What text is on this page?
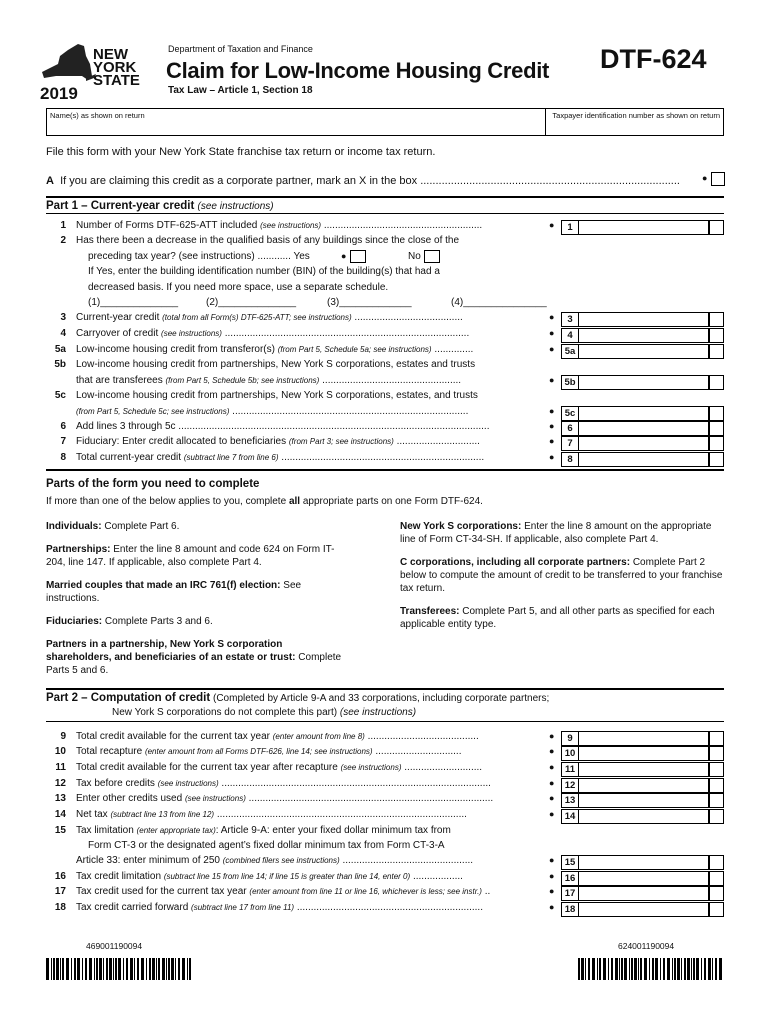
NEW YORK STATE
2019
Department of Taxation and Finance
Claim for Low-Income Housing Credit
Tax Law – Article 1, Section 18
DTF-624
Name(s) as shown on return	Taxpayer identification number as shown on return
File this form with your New York State franchise tax return or income tax return.
A If you are claiming this credit as a corporate partner, mark an X in the box .....................................................................................	●
Part 1 – Current-year credit (see instructions)
1 Number of Forms DTF-625-ATT included (see instructions) .........................................................	●	1
2 Has there been a decrease in the qualified basis of any buildings since the close of the
3 Current-year credit (total from all Form(s) DTF-625-ATT; see instructions) .......................................	●	3
4 Carryover of credit (see instructions) ........................................................................................	●	4
5a Low-income housing credit from transferor(s) (from Part 5, Schedule 5a; see instructions) ..............	●	5a
5b Low-income housing credit from partnerships, New York S corporations, estates and trusts
that are transferees (from Part 5, Schedule 5b; see instructions) ..................................................	●	5b
5c Low-income housing credit from partnerships, New York S corporations, estates, and trusts
(from Part 5, Schedule 5c; see instructions) .....................................................................................	●	5c
6 Add lines 3 through 5c ................................................................................................................	●	6
7 Fiduciary: Enter credit allocated to beneficiaries (from Part 3; see instructions) ..............................	●	7
8 Total current-year credit (subtract line 7 from line 6) .........................................................................	●	8
preceding tax year? (see instructions) ............ Yes	●	No
If Yes, enter the building identification number (BIN) of the building(s) that had a
decreased basis. If you need more space, use a separate schedule.
(1)______________	(2)______________	(3)_____________	(4)_______________
Parts of the form you need to complete
If more than one of the below applies to you, complete all appropriate parts on one Form DTF-624.
Individuals: Complete Part 6.
Partnerships: Enter the line 8 amount and code 624 on Form IT-204, line 147. If applicable, also complete Part 4.
Married couples that made an IRC 761(f) election: See instructions.
Fiduciaries: Complete Parts 3 and 6.
Partners in a partnership, New York S corporation shareholders, and beneficiaries of an estate or trust: Complete Parts 5 and 6.
New York S corporations: Enter the line 8 amount on the appropriate line of Form CT-34-SH. If applicable, also complete Part 4.
C corporations, including all corporate partners: Complete Part 2 below to compute the amount of credit to be transferred to your franchise tax return.
Transferees: Complete Part 5, and all other parts as specified for each applicable entity type.
Part 2 – Computation of credit (Completed by Article 9-A and 33 corporations, including corporate partners;
New York S corporations do not complete this part) (see instructions)
9 Total credit available for the current tax year (enter amount from line 8) ........................................	●	9
10 Total recapture (enter amount from all Forms DTF-626, line 14; see instructions) ...............................	●	10
11 Total credit available for the current tax year after recapture (see instructions) ............................	●	11
12 Tax before credits (see instructions) .................................................................................................	●	12
13 Enter other credits used (see instructions) ........................................................................................	●	13
14 Net tax (subtract line 13 from line 12) ..........................................................................................	●	14
15 Tax limitation (enter appropriate tax): Article 9-A: enter your fixed dollar minimum tax from
Article 33: enter minimum of 250 (combined filers see instructions) ...............................................	●	15
16 Tax credit limitation (subtract line 15 from line 14; if line 15 is greater than line 14, enter 0) ..................	●	16
17 Tax credit used for the current tax year (enter amount from line 11 or line 16, whichever is less; see instr.) ..	●	17
18 Tax credit carried forward (subtract line 17 from line 11) ...................................................................	●	18
Form CT-3 or the designated agent’s fixed dollar minimum tax from Form CT-3-A
469001190094	624001190094
